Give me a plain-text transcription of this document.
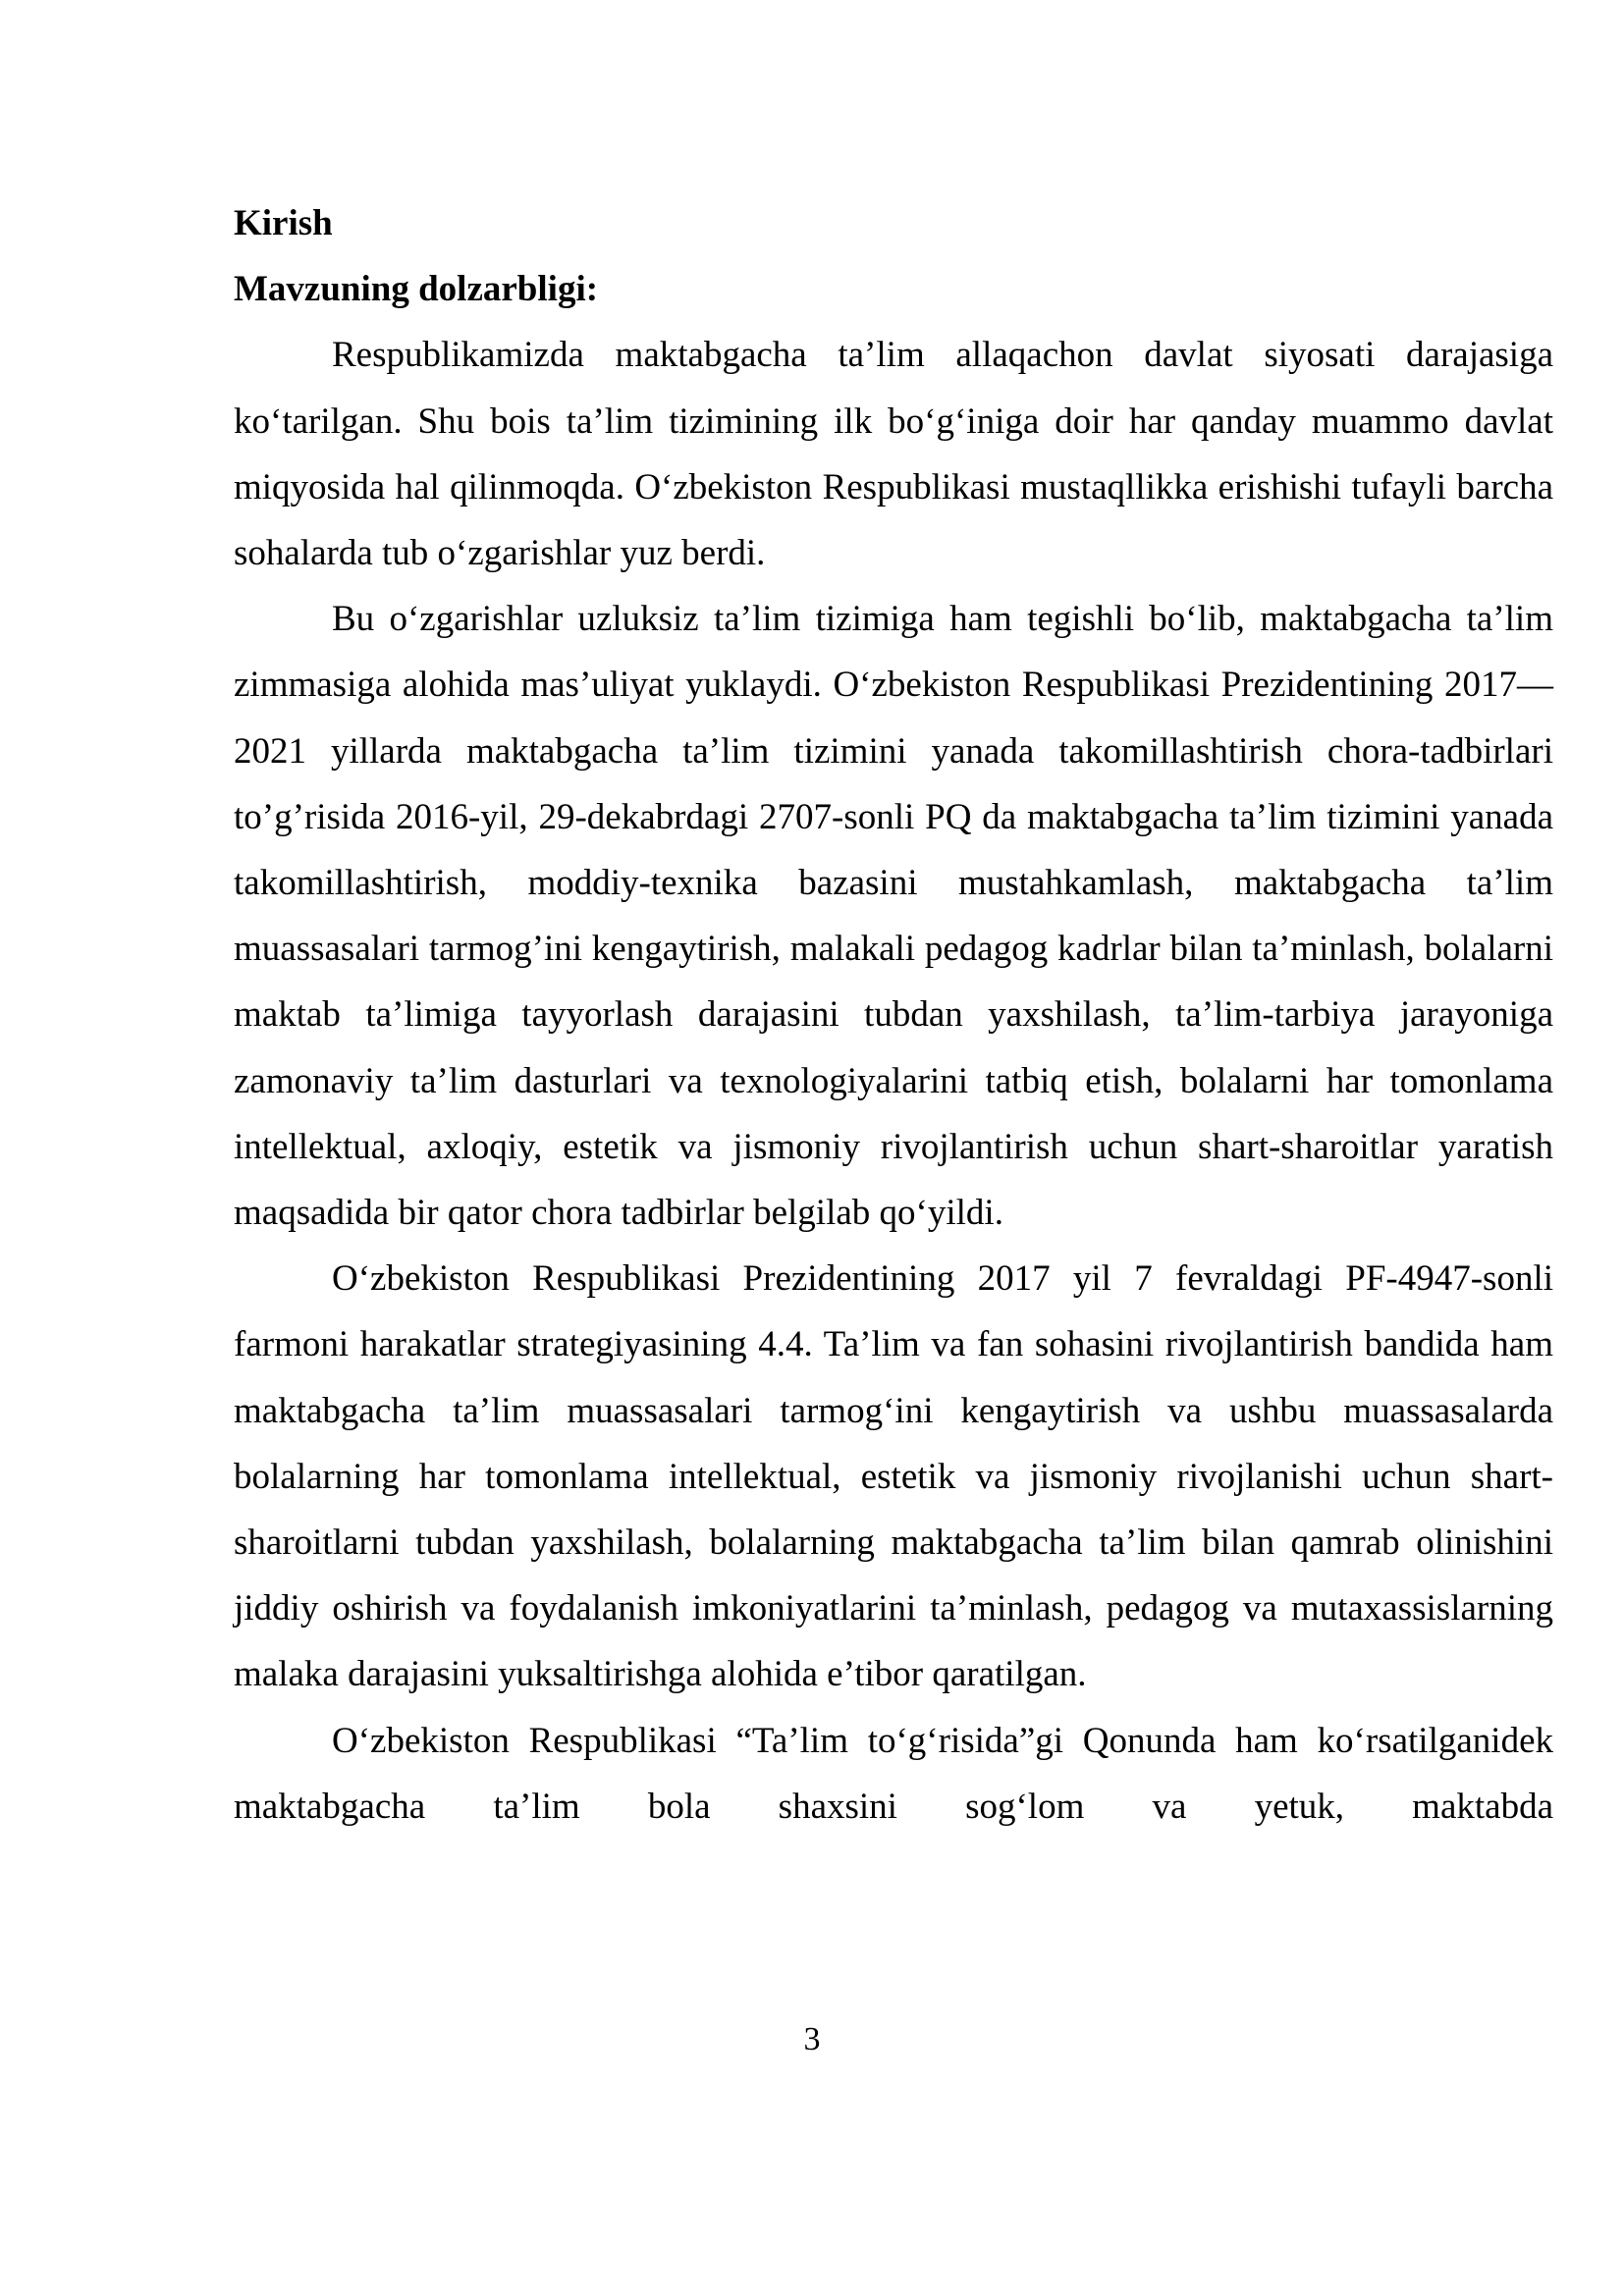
Kirish

Mavzuning dolzarbligi:

Respublikamizda maktabgacha ta’lim allaqachon davlat siyosati darajasiga ko‘tarilgan. Shu bois ta’lim tizimining ilk bo‘g‘iniga doir har qanday muammo davlat miqyosida hal qilinmoqda. O‘zbekiston Respublikasi mustaqllikka erishishi tufayli barcha sohalarda tub o‘zgarishlar yuz berdi.

Bu o‘zgarishlar uzluksiz ta’lim tizimiga ham tegishli bo‘lib, maktabgacha ta’lim zimmasiga alohida mas’uliyat yuklaydi. O‘zbekiston Respublikasi Prezidentining 2017—2021 yillarda maktabgacha ta’lim tizimini yanada takomillashtirish chora-tadbirlari to’g’risida 2016-yil, 29-dekabrdagi 2707-sonli PQ da maktabgacha ta’lim tizimini yanada takomillashtirish, moddiy-texnika bazasini mustahkamlash, maktabgacha ta’lim muassasalari tarmog’ini kengaytirish, malakali pedagog kadrlar bilan ta’minlash, bolalarni maktab ta’limiga tayyorlash darajasini tubdan yaxshilash, ta’lim-tarbiya jarayoniga zamonaviy ta’lim dasturlari va texnologiyalarini tatbiq etish, bolalarni har tomonlama intellektual, axloqiy, estetik va jismoniy rivojlantirish uchun shart-sharoitlar yaratish maqsadida bir qator chora tadbirlar belgilab qo‘yildi.

O‘zbekiston Respublikasi Prezidentining 2017 yil 7 fevraldagi PF-4947-sonli farmoni harakatlar strategiyasining 4.4. Ta’lim va fan sohasini rivojlantirish bandida ham maktabgacha ta’lim muassasalari tarmog‘ini kengaytirish va ushbu muassasalarda bolalarning har tomonlama intellektual, estetik va jismoniy rivojlanishi uchun shart-sharoitlarni tubdan yaxshilash, bolalarning maktabgacha ta’lim bilan qamrab olinishini jiddiy oshirish va foydalanish imkoniyatlarini ta’minlash, pedagog va mutaxassislarning malaka darajasini yuksaltirishga alohida e’tibor qaratilgan.

O‘zbekiston Respublikasi “Ta’lim to‘g‘risida”gi Qonunda ham ko‘rsatilganidek maktabgacha ta’lim bola shaxsini sog‘lom va yetuk, maktabda

3
